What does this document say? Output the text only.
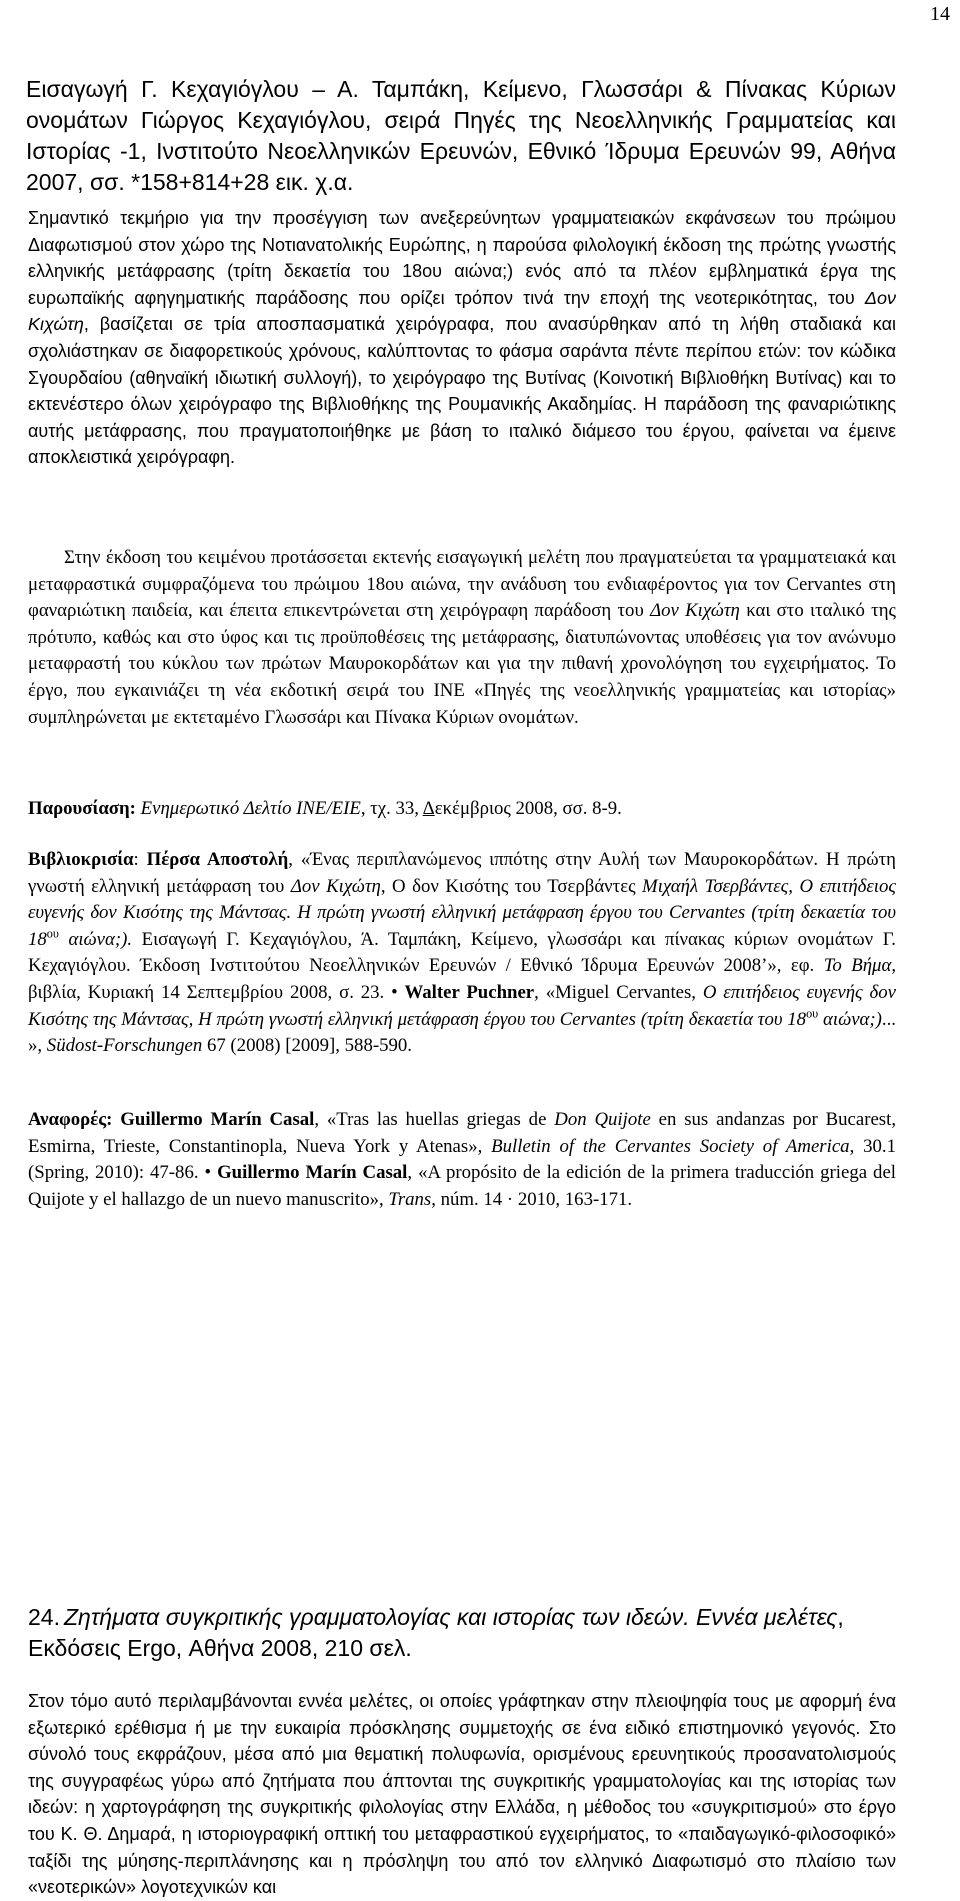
14
Εισαγωγή Γ. Κεχαγιόγλου – Α. Ταμπάκη, Κείμενο, Γλωσσάρι & Πίνακας Κύριων ονομάτων Γιώργος Κεχαγιόγλου, σειρά Πηγές της Νεοελληνικής Γραμματείας και Ιστορίας -1, Ινστιτούτο Νεοελληνικών Ερευνών, Εθνικό Ίδρυμα Ερευνών 99, Αθήνα 2007, σσ. *158+814+28 εικ. χ.α.
Σημαντικό τεκμήριο για την προσέγγιση των ανεξερεύνητων γραμματειακών εκφάνσεων του πρώιμου Διαφωτισμού στον χώρο της Νοτιανατολικής Ευρώπης, η παρούσα φιλολογική έκδοση της πρώτης γνωστής ελληνικής μετάφρασης (τρίτη δεκαετία του 18ου αιώνα;) ενός από τα πλέον εμβληματικά έργα της ευρωπαϊκής αφηγηματικής παράδοσης που ορίζει τρόπον τινά την εποχή της νεοτερικότητας, του Δον Κιχώτη, βασίζεται σε τρία αποσπασματικά χειρόγραφα, που ανασύρθηκαν από τη λήθη σταδιακά και σχολιάστηκαν σε διαφορετικούς χρόνους, καλύπτοντας το φάσμα σαράντα πέντε περίπου ετών: τον κώδικα Σγουρδαίου (αθηναϊκή ιδιωτική συλλογή), το χειρόγραφο της Βυτίνας (Κοινοτική Βιβλιοθήκη Βυτίνας) και το εκτενέστερο όλων χειρόγραφο της Βιβλιοθήκης της Ρουμανικής Ακαδημίας. Η παράδοση της φαναριώτικης αυτής μετάφρασης, που πραγματοποιήθηκε με βάση το ιταλικό διάμεσο του έργου, φαίνεται να έμεινε αποκλειστικά χειρόγραφη.
Στην έκδοση του κειμένου προτάσσεται εκτενής εισαγωγική μελέτη που πραγματεύεται τα γραμματειακά και μεταφραστικά συμφραζόμενα του πρώιμου 18ου αιώνα, την ανάδυση του ενδιαφέροντος για τον Cervantes στη φαναριώτικη παιδεία, και έπειτα επικεντρώνεται στη χειρόγραφη παράδοση του Δον Κιχώτη και στο ιταλικό της πρότυπο, καθώς και στο ύφος και τις προϋποθέσεις της μετάφρασης, διατυπώνοντας υποθέσεις για τον ανώνυμο μεταφραστή του κύκλου των πρώτων Μαυροκορδάτων και για την πιθανή χρονολόγηση του εγχειρήματος. Το έργο, που εγκαινιάζει τη νέα εκδοτική σειρά του ΙΝΕ «Πηγές της νεοελληνικής γραμματείας και ιστορίας» συμπληρώνεται με εκτεταμένο Γλωσσάρι και Πίνακα Κύριων ονομάτων.
Παρουσίαση: Ενημερωτικό Δελτίο ΙΝΕ/ΕΙΕ, τχ. 33, Δεκέμβριος 2008, σσ. 8-9.
Βιβλιοκρισία: Πέρσα Αποστολή, «Ένας περιπλανώμενος ιππότης στην Αυλή των Μαυροκορδάτων. Η πρώτη γνωστή ελληνική μετάφραση του Δον Κιχώτη, Ο δον Κισότης του Τσερβάντες Μιχαήλ Τσερβάντες, Ο επιτήδειος ευγενής δον Κισότης της Μάντσας. Η πρώτη γνωστή ελληνική μετάφραση έργου του Cervantes (τρίτη δεκαετία του $18^{o\upsilon}$ αιώνα;). Εισαγωγή Γ. Κεχαγιόγλου, Ά. Ταμπάκη, Κείμενο, γλωσσάρι και πίνακας κύριων ονομάτων Γ. Κεχαγιόγλου. Έκδοση Ινστιτούτου Νεοελληνικών Ερευνών / Εθνικό Ίδρυμα Ερευνών 2008’», εφ. Το Βήμα, βιβλία, Κυριακή 14 Σεπτεμβρίου 2008, σ. 23. • Walter Puchner, «Miguel Cervantes, Ο επιτήδειος ευγενής δον Κισότης της Μάντσας, Η πρώτη γνωστή ελληνική μετάφραση έργου του Cervantes (τρίτη δεκαετία του $18^{o\upsilon}$ αιώνα;)... », Südost-Forschungen 67 (2008) [2009], 588-590.
Αναφορές: Guillermo Marín Casal, «Tras las huellas griegas de Don Quijote en sus andanzas por Bucarest, Esmirna, Trieste, Constantinopla, Nueva York y Atenas», Bulletin of the Cervantes Society of America, 30.1 (Spring, 2010): 47-86. • Guillermo Marín Casal, «A propósito de la edición de la primera traducción griega del Quijote y el hallazgo de un nuevo manuscrito», Trans, núm. 14 · 2010, 163-171.
24. Ζητήματα συγκριτικής γραμματολογίας και ιστορίας των ιδεών. Εννέα μελέτες, Εκδόσεις Ergo, Αθήνα 2008, 210 σελ.
Στον τόμο αυτό περιλαμβάνονται εννέα μελέτες, οι οποίες γράφτηκαν στην πλειοψηφία τους με αφορμή ένα εξωτερικό ερέθισμα ή με την ευκαιρία πρόσκλησης συμμετοχής σε ένα ειδικό επιστημονικό γεγονός. Στο σύνολό τους εκφράζουν, μέσα από μια θεματική πολυφωνία, ορισμένους ερευνητικούς προσανατολισμούς της συγγραφέως γύρω από ζητήματα που άπτονται της συγκριτικής γραμματολογίας και της ιστορίας των ιδεών: η χαρτογράφηση της συγκριτικής φιλολογίας στην Ελλάδα, η μέθοδος του «συγκριτισμού» στο έργο του Κ. Θ. Δημαρά, η ιστοριογραφική οπτική του μεταφραστικού εγχειρήματος, το «παιδαγωγικό-φιλοσοφικό» ταξίδι της μύησης-περιπλάνησης και η πρόσληψη του από τον ελληνικό Διαφωτισμό στο πλαίσιο των «νεοτερικών» λογοτεχνικών και
